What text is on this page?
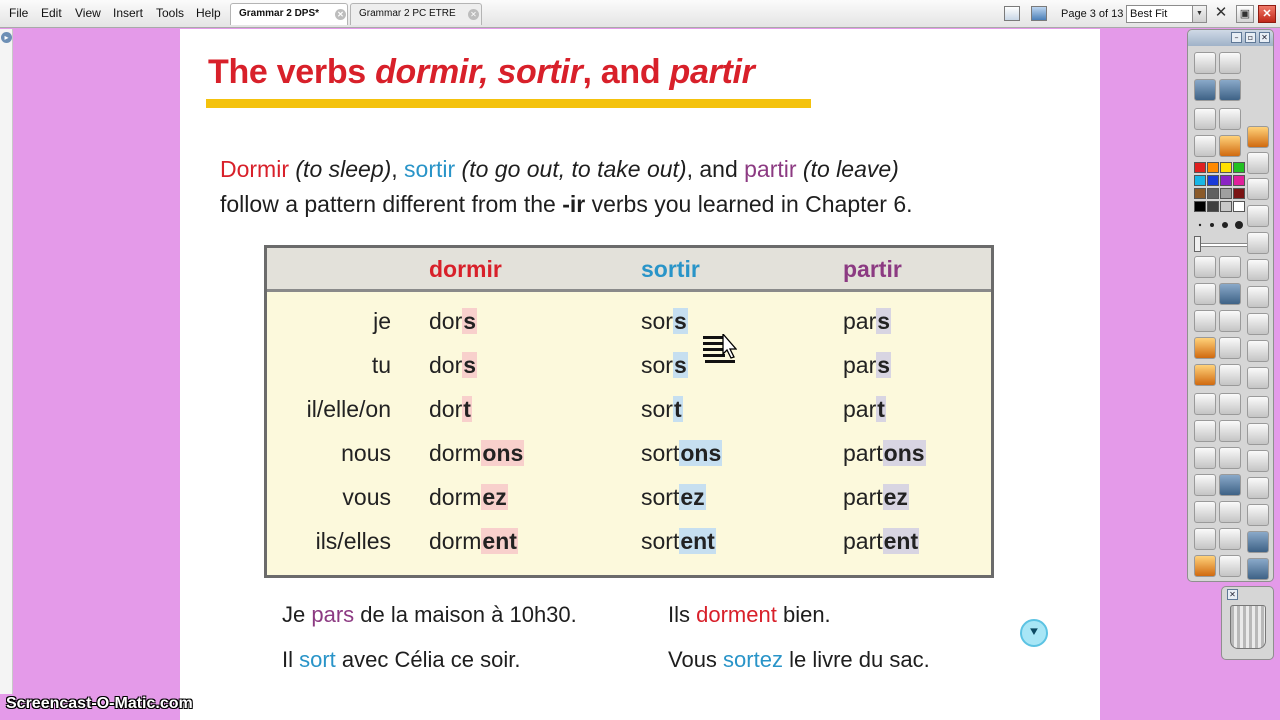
File Edit View Insert Tools Help	Grammar 2 DPS* ✕	Grammar 2 PC ETRE ✕	Page 3 of 13 Best Fit	▼ ✕	▣	✕
▸
The verbs dormir, sortir, and partir
Dormir (to sleep), sortir (to go out, to take out), and partir (to leave)
follow a pattern different from the -ir verbs you learned in Chapter 6.
dormir	sortir	partir
je dors	sors	pars
tu dors	sors	pars
il/elle/on dort	sort	part
nous dormons	sortons	partons
vous dormez	sortez	partez
ils/elles dorment	sortent	partent
Je pars de la maison à 10h30.	Ils dorment bien.
Il sort avec Célia ce soir.	Vous sortez le livre du sac.
⯆
–	▫ ✕
✕
Screencast-O-Matic.com
